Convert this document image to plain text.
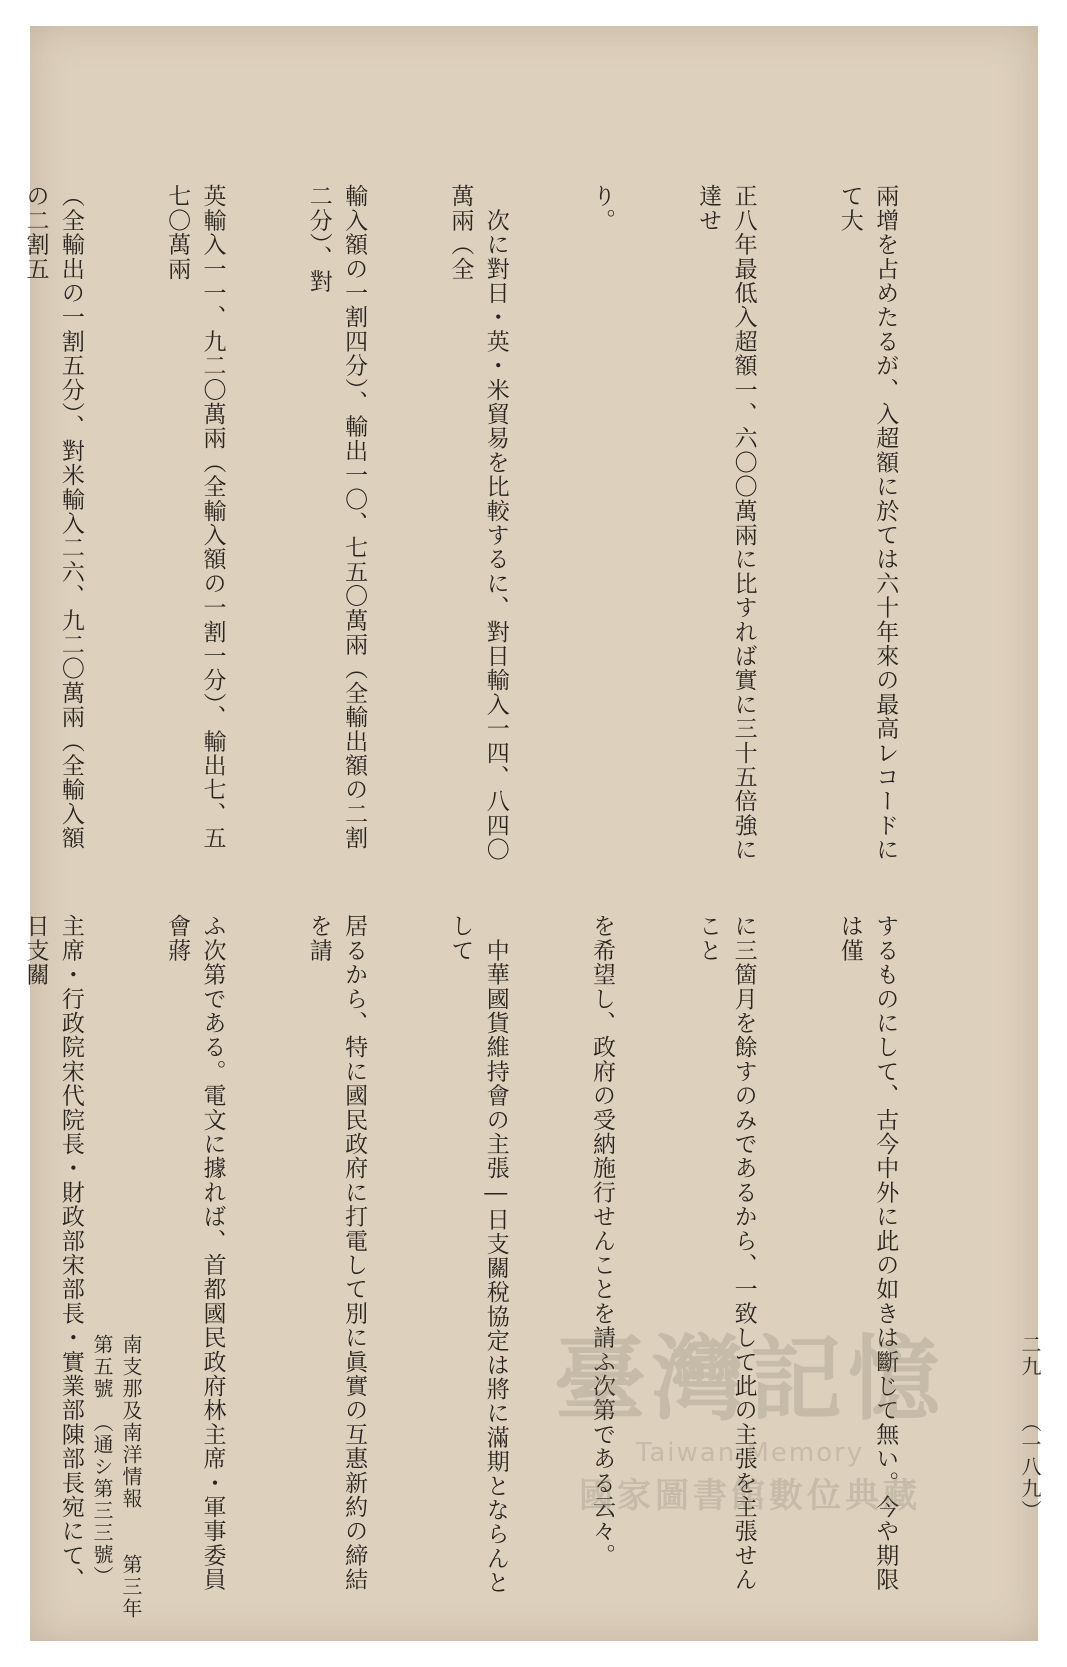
兩增を占めたるが、入超額に於ては六十年來の最高レコードにて大

正八年最低入超額一、六〇〇萬兩に比すれば實に三十五倍強に達せ

り。

　次に對日・英・米貿易を比較するに、對日輸入一四、八四〇萬兩（全

輸入額の一割四分）、輸出一〇、七五〇萬兩（全輸出額の二割二分）、對

英輸入一一、九二〇萬兩（全輸入額の一割一分）、輸出七、五七〇萬兩

（全輸出の一割五分）、對米輸入二六、九二〇萬兩（全輸入額の二割五

するものにして、古今中外に此の如きは斷じて無い。今や期限は僅

に三箇月を餘すのみであるから、一致して此の主張を主張せんこと

を希望し、政府の受納施行せんことを請ふ次第である云々。

　中華國貨維持會の主張―日支關稅協定は將に滿期とならんとして

居るから、特に國民政府に打電して別に眞實の互惠新約の締結を請

ふ次第である。電文に據れば、首都國民政府林主席・軍事委員會蔣

主席・行政院宋代院長・財政部宋部長・實業部陳部長宛にて、日支關

臺灣記憶
Taiwan Memory
國家圖書館數位典藏
南支那及南洋情報　　第三年　第五號　（通シ第三三號）	二九　　（一八九）
